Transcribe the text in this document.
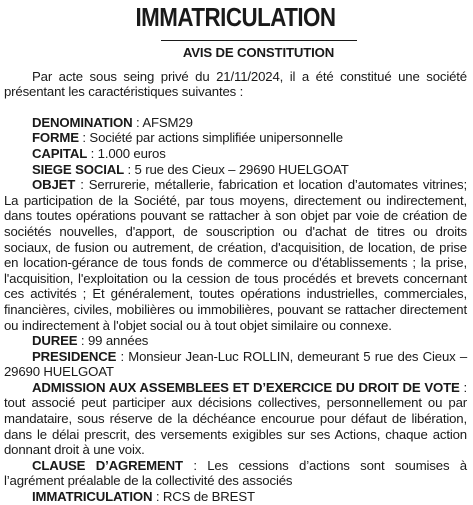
IMMATRICULATION
AVIS DE CONSTITUTION

Par acte sous seing privé du 21/11/2024, il a été constitué une société présentant les caractéristiques suivantes :

DENOMINATION : AFSM29

FORME : Société par actions simplifiée unipersonnelle

CAPITAL : 1.000 euros

SIEGE SOCIAL : 5 rue des Cieux – 29690 HUELGOAT

OBJET : Serrurerie, métallerie, fabrication et location d’automates vitrines; La participation de la Société, par tous moyens, directement ou indirectement, dans toutes opérations pouvant se rattacher à son objet par voie de création de sociétés nouvelles, d'apport, de souscription ou d'achat de titres ou droits sociaux, de fusion ou autrement, de création, d'acquisition, de location, de prise en location-gérance de tous fonds de commerce ou d'établissements ; la prise, l'acquisition, l'exploitation ou la cession de tous procédés et brevets concernant ces activités ; Et généralement, toutes opérations industrielles, commerciales, financières, civiles, mobilières ou immobilières, pouvant se rattacher directement ou indirectement à l'objet social ou à tout objet similaire ou connexe.

DUREE : 99 années

PRESIDENCE : Monsieur Jean-Luc ROLLIN, demeurant 5 rue des Cieux – 29690 HUELGOAT

ADMISSION AUX ASSEMBLEES ET D’EXERCICE DU DROIT DE VOTE : tout associé peut participer aux décisions collectives, personnellement ou par mandataire, sous réserve de la déchéance encourue pour défaut de libération, dans le délai prescrit, des versements exigibles sur ses Actions, chaque action donnant droit à une voix.

CLAUSE D’AGREMENT : Les cessions d’actions sont soumises à l’agrément préalable de la collectivité des associés

IMMATRICULATION : RCS de BREST
